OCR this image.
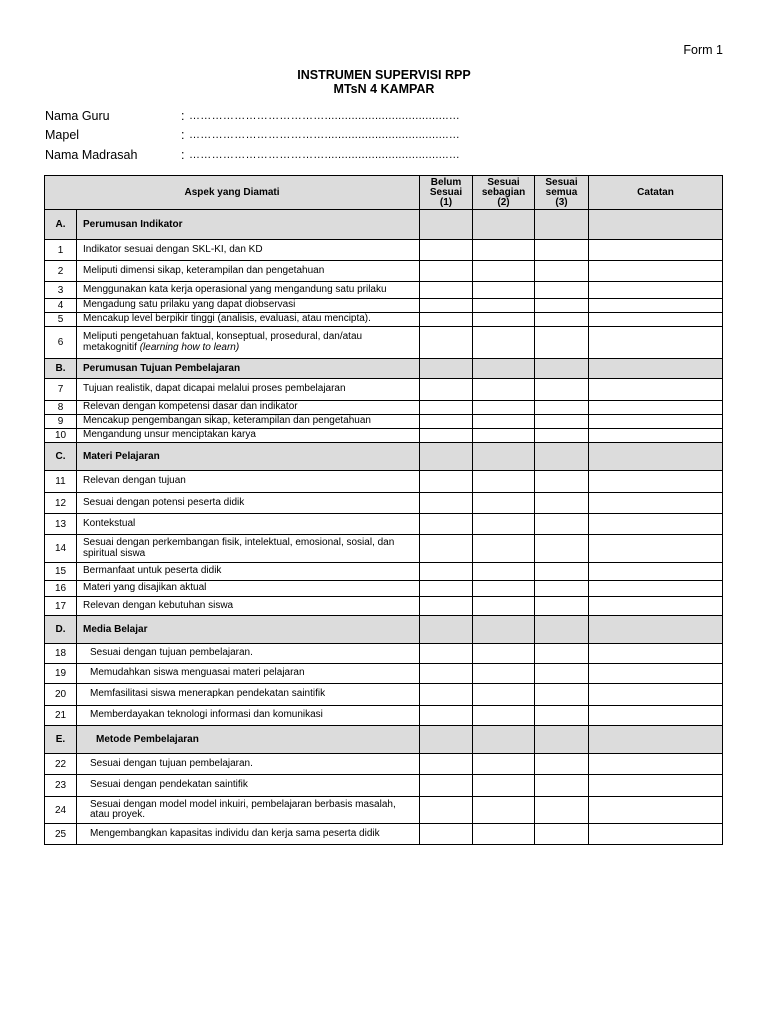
Form 1
INSTRUMEN SUPERVISI RPP
MTsN 4 KAMPAR
Nama Guru	: ……………………………….....................................…
Mapel	: ……………………………….....................................…
Nama Madrasah	: ……………………………….....................................…
Aspek yang Diamati		Belum
Sesuai
(1)	Sesuai
sebagian
(2)	Sesuai
semua
(3)	Catatan
A.	Perumusan Indikator				
1	Indikator sesuai dengan SKL-KI, dan KD				
2	Meliputi dimensi sikap, keterampilan dan pengetahuan				
3	Menggunakan kata kerja operasional yang mengandung satu prilaku				
4	Mengadung satu prilaku yang dapat diobservasi				
5	Mencakup level berpikir tinggi (analisis, evaluasi, atau mencipta).				
6	Meliputi pengetahuan faktual, konseptual, prosedural, dan/atau metakognitif (learning how to learn)				
B.	Perumusan Tujuan Pembelajaran				
7	Tujuan realistik, dapat dicapai melalui proses pembelajaran				
8	Relevan dengan kompetensi dasar dan indikator				
9	Mencakup pengembangan sikap, keterampilan dan pengetahuan				
10	Mengandung unsur menciptakan karya				
C.	Materi Pelajaran				
11	Relevan dengan tujuan				
12	Sesuai dengan potensi peserta didik				
13	Kontekstual				
14	Sesuai dengan perkembangan fisik, intelektual, emosional, sosial, dan spiritual siswa				
15	Bermanfaat untuk peserta didik				
16	Materi yang disajikan aktual				
17	Relevan dengan kebutuhan siswa				
D.	Media Belajar				
18	Sesuai dengan tujuan pembelajaran.				
19	Memudahkan siswa menguasai materi pelajaran				
20	Memfasilitasi siswa menerapkan pendekatan saintifik				
21	Memberdayakan teknologi informasi dan komunikasi				
E.	Metode Pembelajaran				
22	Sesuai dengan tujuan pembelajaran.				
23	Sesuai dengan pendekatan saintifik				
24	Sesuai dengan model model inkuiri, pembelajaran berbasis masalah, atau proyek.				
25	Mengembangkan kapasitas individu dan kerja sama peserta didik				
